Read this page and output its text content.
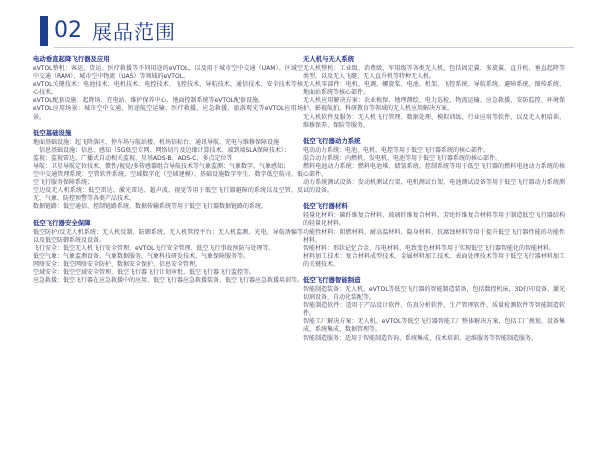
02 展品范围
电动垂直起降飞行器及应用
eVTOL整机：客运、货运、医疗救援等不同用途的eVTOL，以及用于城市空中交通（UAM）、区域空中交通（RAM）、城市空中物流（UAS）等领域的eVTOL。
eVTOL关键技术：电池技术、电机技术、电控技术、飞控技术、导航技术、通信技术、安全技术等核心技术。
eVTOL配套设施：起降场、充电站、维护保养中心、地面控制系统等eVTOL配套设施。
eVTOL应用场景：城市空中交通、短途航空运输、医疗救援、应急救援、旅游观光等eVTOL应用场景。
低空基础设施
地面基础设施：起飞降落区、停车场与航站楼、机场信标台、通讯导航、充电与维修保障设施
　信息基础设施：信息、感知（5G低空专网、网络切片及边缘计算技术、端到端SLA保障技术）；
监视：监视雷达、广播式自动相关监视、星基ADS-B、ADS-C、多点定位等
导航：卫星导航定位技术、惯性/视觉/多传感器组合导航技术等气象监测：气象数字、气象感知；
空中交通管理系统：空管软件系统、空域数字化（空域建模）、基础设施数字孪生、数字低空航司、低空飞行服务保障系统；
空边反无人机系统：低空雷达、激光雷达、超声波、视觉等用于低空飞行器避障的系统以及空管、反无、气象、防控预警等各类产品技术。
数据链路：低空通信、控制链路系统、数据传输系统等用于低空飞行器数据链路的系统。
低空飞行器安全保障
低空防护/反无人机系统：无人机反制、防御系统、无人机管控平台；无人机监测、光电、导航诱骗等以及低空防御系统及设备。
飞行安全：低空无人机飞行安全管理、eVTOL飞行安全管理、低空飞行事故预防与处理等。
低空气象：气象监测设备、气象数据服务、气象科技研发技术、气象保障服务等。
网络安全：低空网络安全防护、数据安全保护、信息安全管理。
空域安全：低空空域安全管理、低空飞行器飞行计划审批、低空飞行器飞行监控等。
应急救援：低空飞行器在应急救援中的应用、低空飞行器应急救援装备、低空飞行器应急救援培训等。
无人机与无人系统
无人机整机：工业级、消费级、军用级等各类无人机，包括固定翼、多旋翼、直升机、垂直起降等类型，以及无人飞艇、无人直升机等特种无人机。
无人机零部件：电机、电调、螺旋桨、电池、机架、飞控系统、导航系统、避障系统、图传系统、地面站系统等核心部件。
无人机应用解决方案：农业植保、地理测绘、电力巡检、物流运输、应急救援、安防监控、环境保护、影视航拍、科研教育等领域的无人机应用解决方案。
无人机软件及服务：无人机飞行管理、数据处理、模拟训练、行业应用等软件，以及无人机培训、维修保养、保险等服务。
低空飞行器动力系统
电动动力系统：电池、电机、电控等用于低空飞行器系统的核心部件。
混合动力系统：内燃机、发电机、电池等用于低空飞行器系统的核心部件。
燃料电池动力系统：燃料电池堆、储氢系统、控制系统等用于低空飞行器的燃料电池动力系统的核心部件。
动力系统测试设备：发动机测试台架、电机测试台架、电池测试设备等用于低空飞行器动力系统测试的设备。
低空飞行器材料
轻量化材料：碳纤维复合材料、玻璃纤维复合材料、芳纶纤维复合材料等用于制造低空飞行器结构的轻量化材料。
功能性材料：阻燃材料、耐高温材料、隐身材料、抗腐蚀材料等用于提升低空飞行器性能的功能性材料。
智能材料：形状记忆合金、压电材料、电致变色材料等用于实现低空飞行器智能化的智能材料。
材料加工技术：复合材料成型技术、金属材料加工技术、表面处理技术等用于低空飞行器材料加工的关键技术。
低空飞行器智能制造
智能制造装备：无人机、eVTOL等低空飞行器的智能制造装备，包括数控机床、3D打印设备、激光切割设备、自动化装配等。
智能制造软件：适用于产品设计软件、仿真分析软件、生产管理软件、质量检测软件等智能制造软件。
智能工厂解决方案：无人机、eVTOL等低空飞行器智能工厂整体解决方案，包括工厂规划、设备集成、系统集成、数据管理等。
智能制造服务：适用于智能制造咨询、系统集成、技术培训、运维服务等智能制造服务。
